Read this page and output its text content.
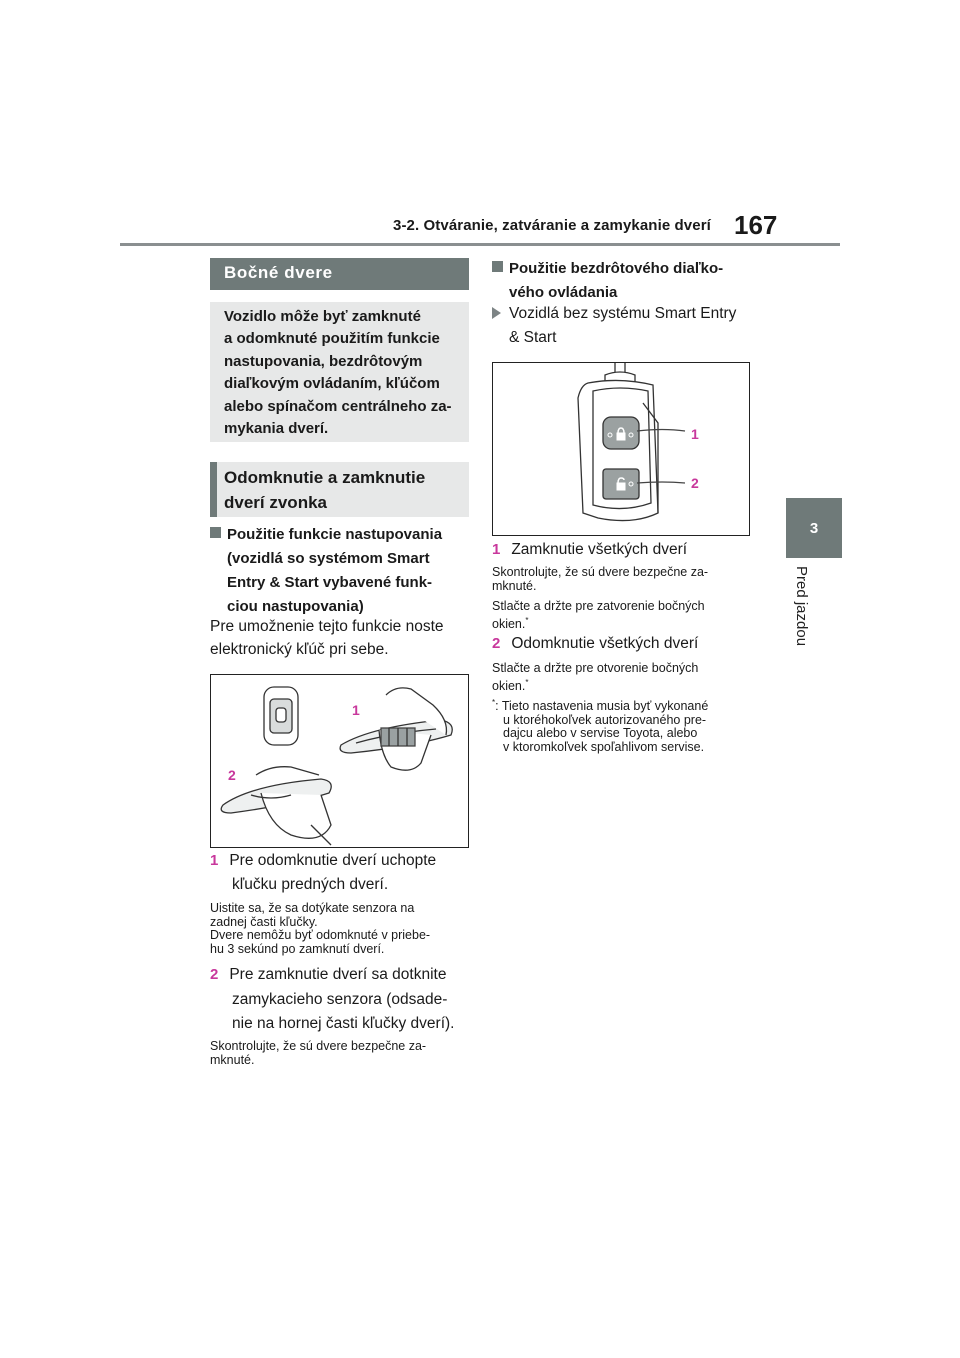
3-2. Otváranie, zatváranie a zamykanie dverí 167
3
Pred jazdou
Bočné dvere
Vozidlo môže byť zamknuté
a odomknuté použitím funkcie
nastupovania, bezdrôtovým
diaľkovým ovládaním, kľúčom
alebo spínačom centrálneho za-
mykania dverí.
Odomknutie a zamknutie
dverí zvonka
Použitie funkcie nastupovania
(vozidlá so systémom Smart
Entry & Start vybavené funk-
ciou nastupovania)
Pre umožnenie tejto funkcie noste
elektronický kľúč pri sebe.
1
2
1 Pre odomknutie dverí uchopte
kľučku predných dverí.
Uistite sa, že sa dotýkate senzora na
zadnej časti kľučky.
Dvere nemôžu byť odomknuté v priebe-
hu 3 sekúnd po zamknutí dverí.
2 Pre zamknutie dverí sa dotknite
zamykacieho senzora (odsade-
nie na hornej časti kľučky dverí).
Skontrolujte, že sú dvere bezpečne za-
mknuté.
Použitie bezdrôtového diaľko-
vého ovládania
Vozidlá bez systému Smart Entry
& Start
1
2
1 Zamknutie všetkých dverí
Skontrolujte, že sú dvere bezpečne za-
mknuté.
Stlačte a držte pre zatvorenie bočných
okien.*
2 Odomknutie všetkých dverí
Stlačte a držte pre otvorenie bočných
okien.*
*: Tieto nastavenia musia byť vykonané
u ktoréhokoľvek autorizovaného pre-
dajcu alebo v servise Toyota, alebo
v ktoromkoľvek spoľahlivom servise.
